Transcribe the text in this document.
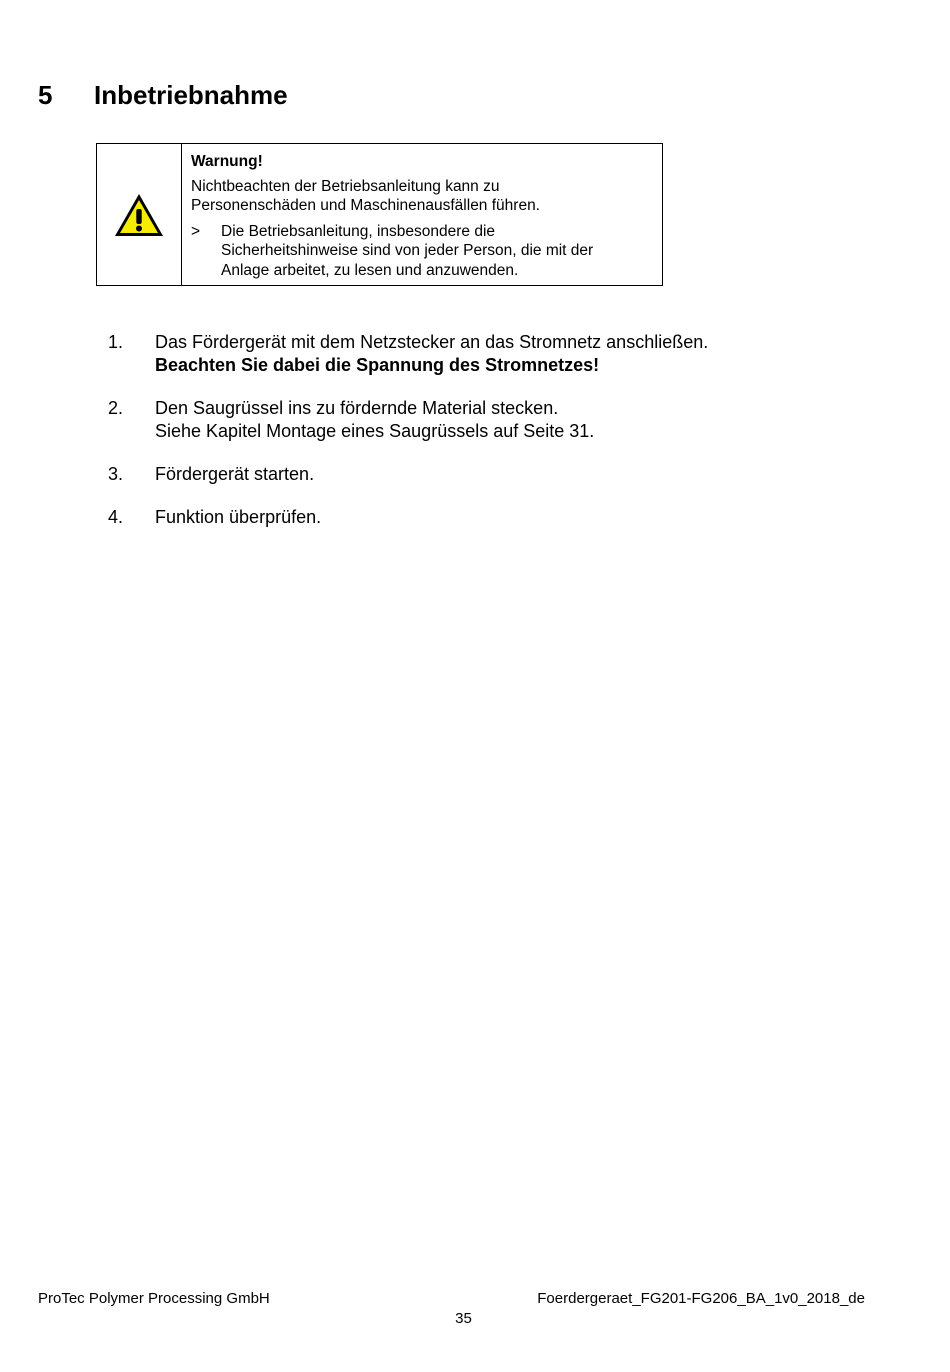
5 Inbetriebnahme
Warnung!
Nichtbeachten der Betriebsanleitung kann zu
Personenschäden und Maschinenausfällen führen.
>	Die Betriebsanleitung, insbesondere die
Sicherheitshinweise sind von jeder Person, die mit der
Anlage arbeitet, zu lesen und anzuwenden.
1.	Das Fördergerät mit dem Netzstecker an das Stromnetz anschließen.
Beachten Sie dabei die Spannung des Stromnetzes!
2.	Den Saugrüssel ins zu fördernde Material stecken.
Siehe Kapitel Montage eines Saugrüssels auf Seite 31.
3.	Fördergerät starten.
4.	Funktion überprüfen.
ProTec Polymer Processing GmbH	Foerdergeraet_FG201-FG206_BA_1v0_2018_de
35
